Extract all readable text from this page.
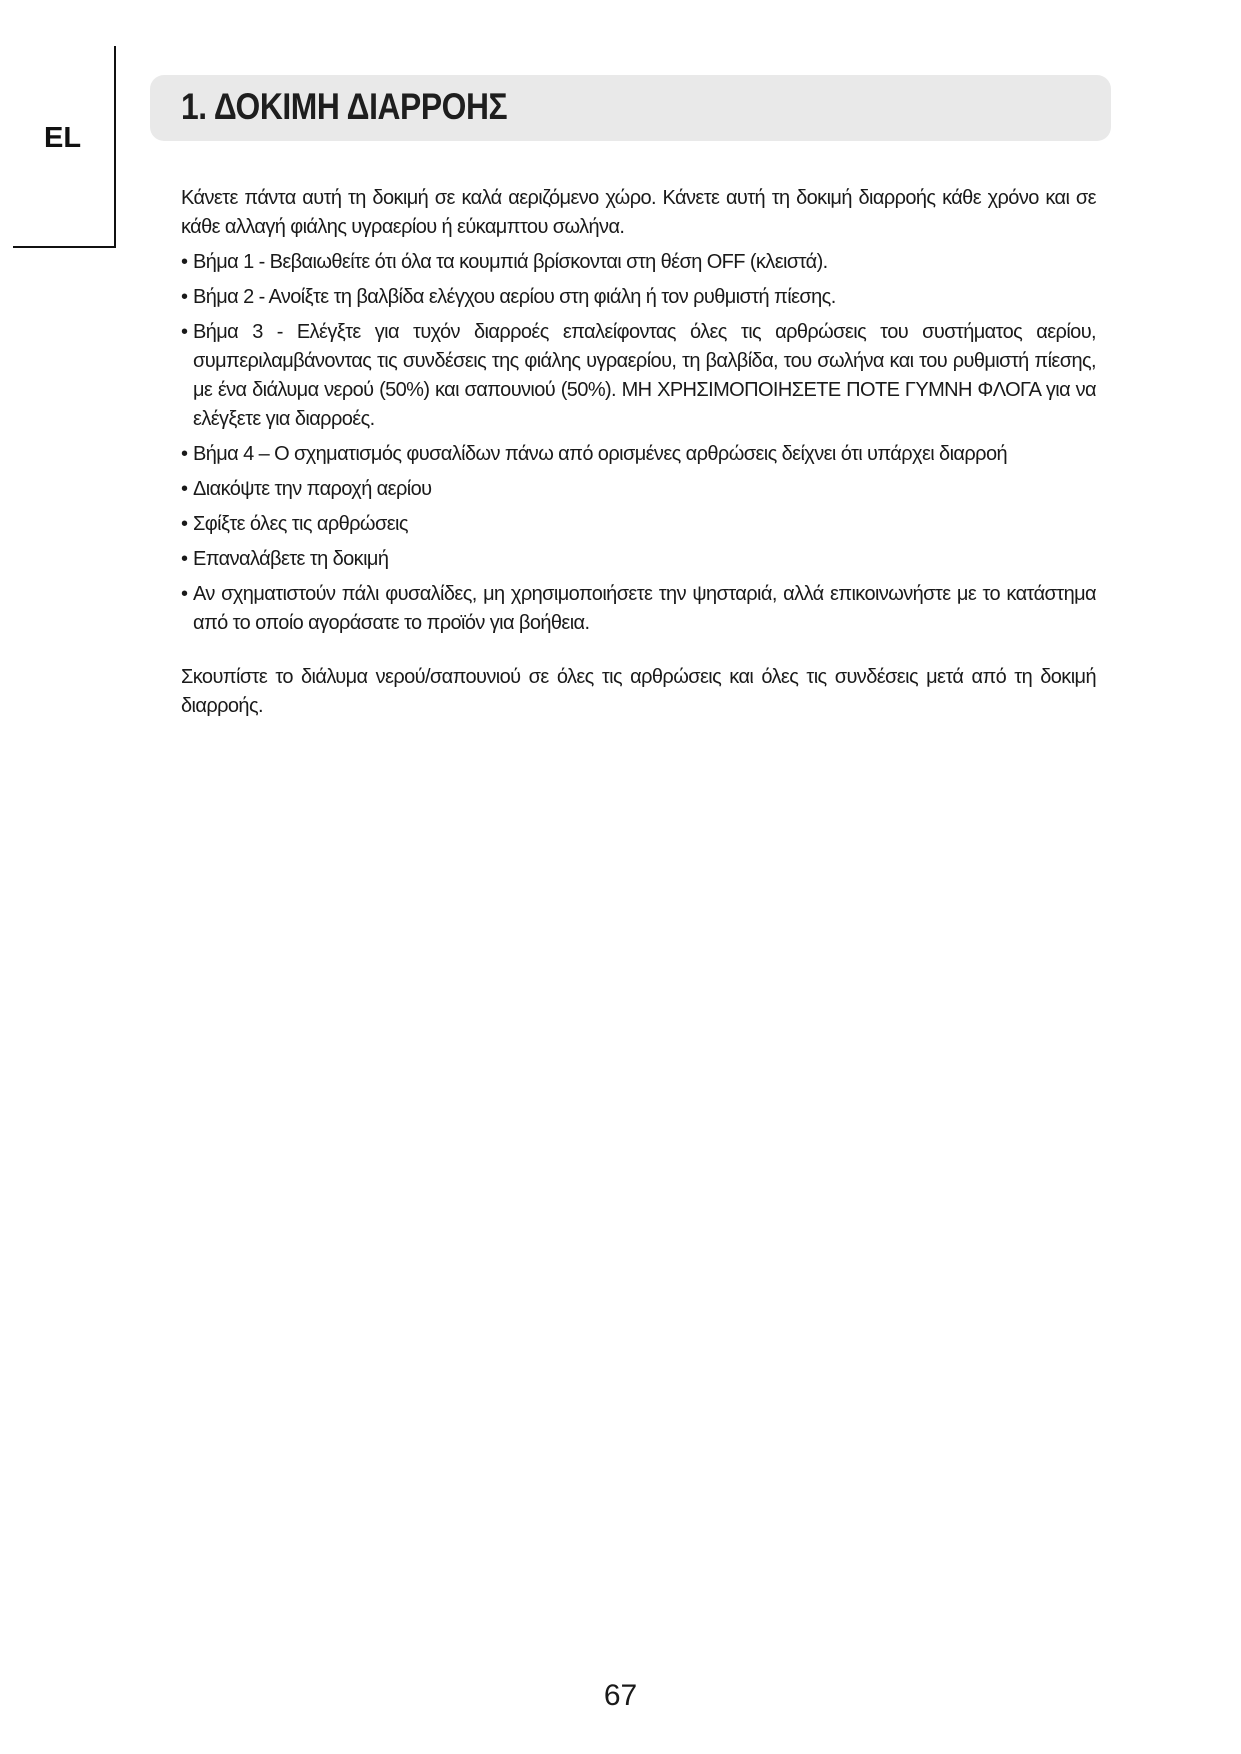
EL
1. ΔΟΚΙΜΗ ΔΙΑΡΡΟΗΣ

Κάνετε πάντα αυτή τη δοκιμή σε καλά αεριζόμενο χώρο. Κάνετε αυτή τη δοκιμή διαρροής κάθε χρόνο και σε κάθε αλλαγή φιάλης υγραερίου ή εύκαμπτου σωλήνα.

• Βήμα 1 - Βεβαιωθείτε ότι όλα τα κουμπιά βρίσκονται στη θέση OFF (κλειστά).
• Βήμα 2 - Ανοίξτε τη βαλβίδα ελέγχου αερίου στη φιάλη ή τον ρυθμιστή πίεσης.
• Βήμα 3 - Ελέγξτε για τυχόν διαρροές επαλείφοντας όλες τις αρθρώσεις του συστήματος αερίου, συμπεριλαμβάνοντας τις συνδέσεις της φιάλης υγραερίου, τη βαλβίδα, του σωλήνα και του ρυθμιστή πίεσης, με ένα διάλυμα νερού (50%) και σαπουνιού (50%). ΜΗ ΧΡΗΣΙΜΟΠΟΙΗΣΕΤΕ ΠΟΤΕ ΓΥΜΝΗ ΦΛΟΓΑ για να ελέγξετε για διαρροές.
• Βήμα 4 – Ο σχηματισμός φυσαλίδων πάνω από ορισμένες αρθρώσεις δείχνει ότι υπάρχει διαρροή
• Διακόψτε την παροχή αερίου
• Σφίξτε όλες τις αρθρώσεις
• Επαναλάβετε τη δοκιμή
• Αν σχηματιστούν πάλι φυσαλίδες, μη χρησιμοποιήσετε την ψησταριά, αλλά επικοινωνήστε με το κατάστημα από το οποίο αγοράσατε το προϊόν για βοήθεια.

Σκουπίστε το διάλυμα νερού/σαπουνιού σε όλες τις αρθρώσεις και όλες τις συνδέσεις μετά από τη δοκιμή διαρροής.

67
